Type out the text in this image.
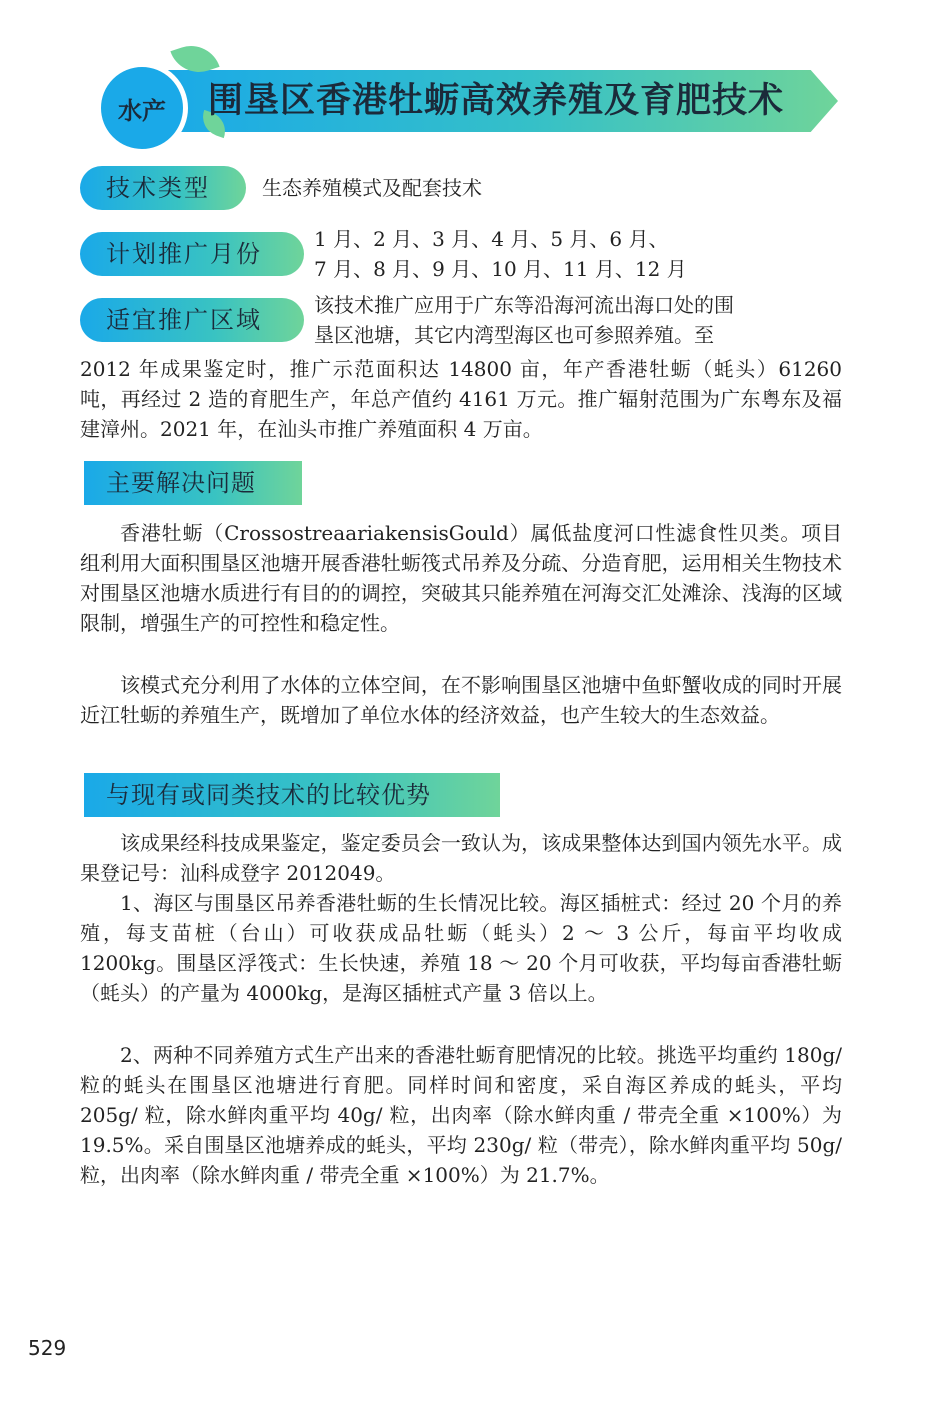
水产	围垦区香港牡蛎高效养殖及育肥技术
技术类型	生态养殖模式及配套技术
计划推广月份
1 月、2 月、3 月、4 月、5 月、6 月、
7 月、8 月、9 月、10 月、11 月、12 月
适宜推广区域
该技术推广应用于广东等沿海河流出海口处的围
垦区池塘，其它内湾型海区也可参照养殖。至
2012 年成果鉴定时，推广示范面积达 14800 亩，年产香港牡蛎（蚝头）61260 吨，再经过 2 造的育肥生产，年总产值约 4161 万元。推广辐射范围为广东粤东及福建漳州。2021 年，在汕头市推广养殖面积 4 万亩。
主要解决问题
香港牡蛎（CrossostreaariakensisGould）属低盐度河口性滤食性贝类。项目组利用大面积围垦区池塘开展香港牡蛎筏式吊养及分疏、分造育肥，运用相关生物技术对围垦区池塘水质进行有目的的调控，突破其只能养殖在河海交汇处滩涂、浅海的区域限制，增强生产的可控性和稳定性。
该模式充分利用了水体的立体空间，在不影响围垦区池塘中鱼虾蟹收成的同时开展近江牡蛎的养殖生产，既增加了单位水体的经济效益，也产生较大的生态效益。
与现有或同类技术的比较优势
该成果经科技成果鉴定，鉴定委员会一致认为，该成果整体达到国内领先水平。成果登记号：汕科成登字 2012049。
1、海区与围垦区吊养香港牡蛎的生长情况比较。海区插桩式：经过 20 个月的养殖，每支苗桩（台山）可收获成品牡蛎（蚝头）2 ～ 3 公斤，每亩平均收成 1200kg。围垦区浮筏式：生长快速，养殖 18 ～ 20 个月可收获，平均每亩香港牡蛎（蚝头）的产量为 4000kg，是海区插桩式产量 3 倍以上。
2、两种不同养殖方式生产出来的香港牡蛎育肥情况的比较。挑选平均重约 180g/ 粒的蚝头在围垦区池塘进行育肥。同样时间和密度，采自海区养成的蚝头，平均 205g/ 粒，除水鲜肉重平均 40g/ 粒，出肉率（除水鲜肉重 / 带壳全重 ×100%）为 19.5%。采自围垦区池塘养成的蚝头，平均 230g/ 粒（带壳），除水鲜肉重平均 50g/ 粒，出肉率（除水鲜肉重 / 带壳全重 ×100%）为 21.7%。
529
